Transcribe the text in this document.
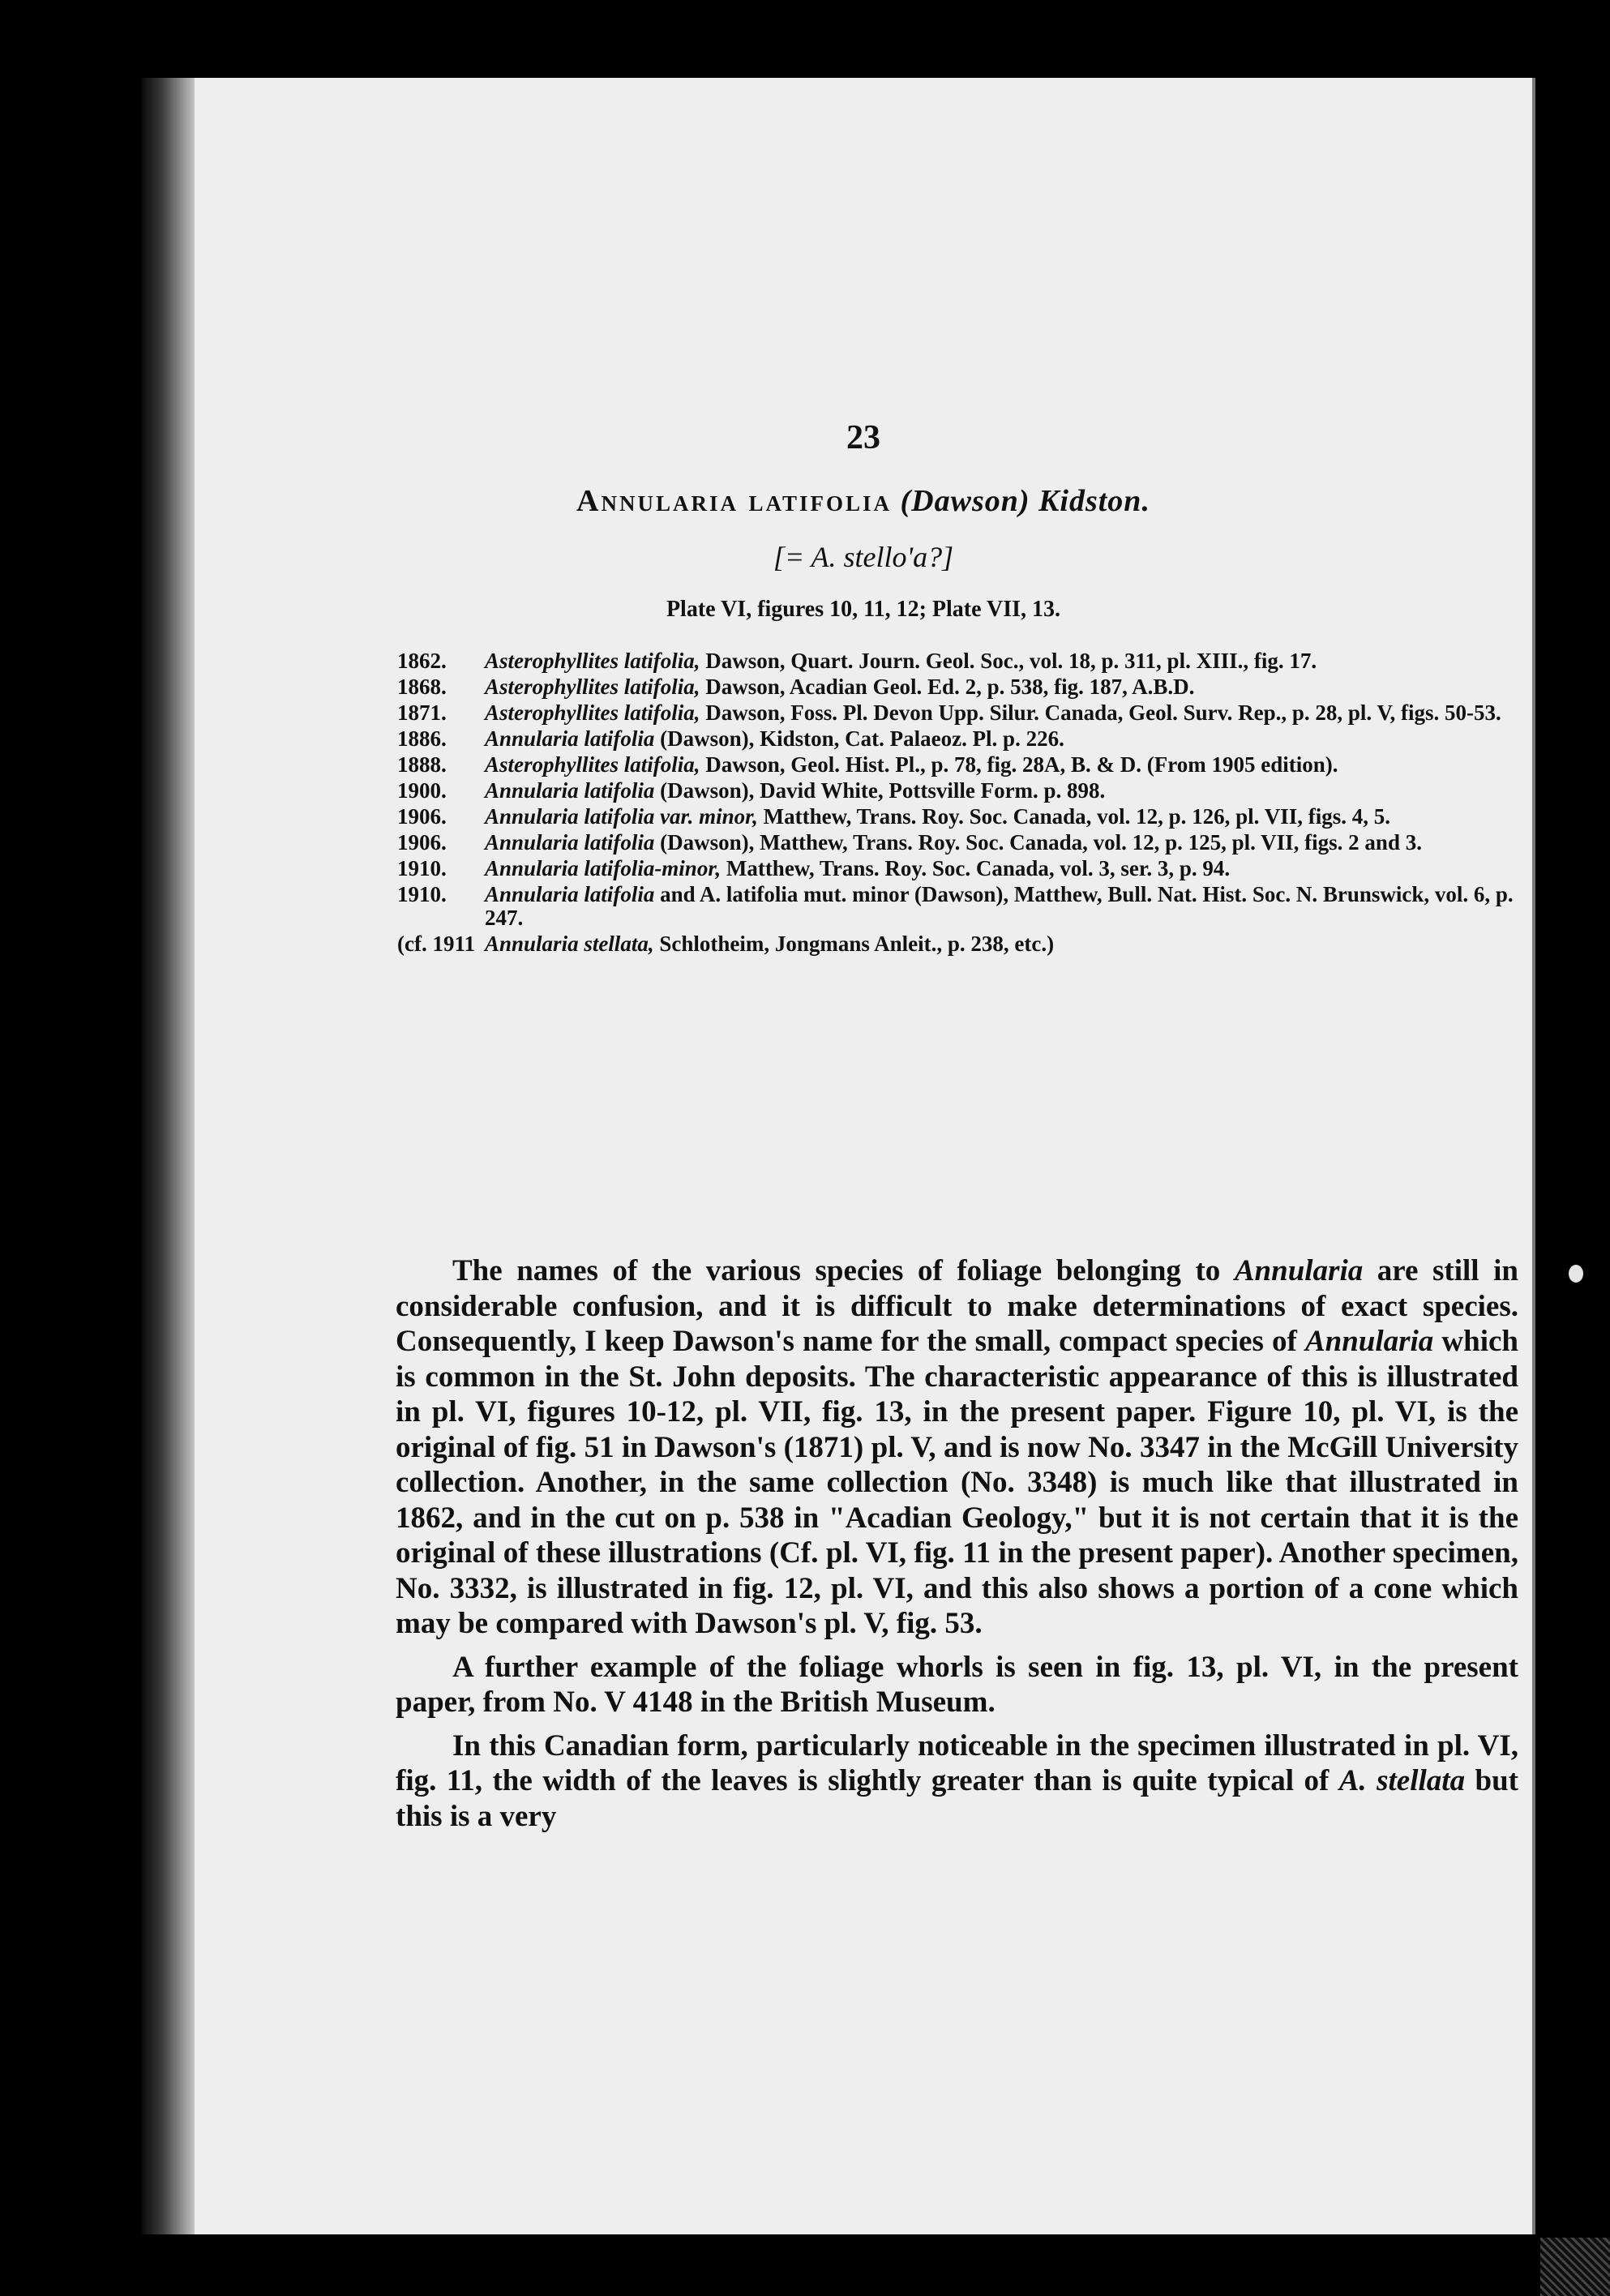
23
Annularia latifolia (Dawson) Kidston.
[= A. stello'a?]
Plate VI, figures 10, 11, 12; Plate VII, 13.
1862.	Asterophyllites latifolia, Dawson, Quart. Journ. Geol. Soc., vol. 18, p. 311, pl. XIII., fig. 17.
1868.	Asterophyllites latifolia, Dawson, Acadian Geol. Ed. 2, p. 538, fig. 187, A.B.D.
1871.	Asterophyllites latifolia, Dawson, Foss. Pl. Devon Upp. Silur. Canada, Geol. Surv. Rep., p. 28, pl. V, figs. 50-53.
1886.	Annularia latifolia (Dawson), Kidston, Cat. Palaeoz. Pl. p. 226.
1888.	Asterophyllites latifolia, Dawson, Geol. Hist. Pl., p. 78, fig. 28A, B. & D. (From 1905 edition).
1900.	Annularia latifolia (Dawson), David White, Pottsville Form. p. 898.
1906.	Annularia latifolia var. minor, Matthew, Trans. Roy. Soc. Canada, vol. 12, p. 126, pl. VII, figs. 4, 5.
1906.	Annularia latifolia (Dawson), Matthew, Trans. Roy. Soc. Canada, vol. 12, p. 125, pl. VII, figs. 2 and 3.
1910.	Annularia latifolia-minor, Matthew, Trans. Roy. Soc. Canada, vol. 3, ser. 3, p. 94.
1910.	Annularia latifolia and A. latifolia mut. minor (Dawson), Matthew, Bull. Nat. Hist. Soc. N. Brunswick, vol. 6, p. 247.
(cf. 1911 Annularia stellata, Schlotheim, Jongmans Anleit., p. 238, etc.)

The names of the various species of foliage belonging to Annularia are still in considerable confusion, and it is difficult to make determinations of exact species. Consequently, I keep Dawson's name for the small, compact species of Annularia which is common in the St. John deposits. The characteristic appearance of this is illustrated in pl. VI, figures 10-12, pl. VII, fig. 13, in the present paper. Figure 10, pl. VI, is the original of fig. 51 in Dawson's (1871) pl. V, and is now No. 3347 in the McGill University collection. Another, in the same collection (No. 3348) is much like that illustrated in 1862, and in the cut on p. 538 in "Acadian Geology," but it is not certain that it is the original of these illustrations (Cf. pl. VI, fig. 11 in the present paper). Another specimen, No. 3332, is illustrated in fig. 12, pl. VI, and this also shows a portion of a cone which may be compared with Dawson's pl. V, fig. 53.

A further example of the foliage whorls is seen in fig. 13, pl. VI, in the present paper, from No. V 4148 in the British Museum.

In this Canadian form, particularly noticeable in the specimen illustrated in pl. VI, fig. 11, the width of the leaves is slightly greater than is quite typical of A. stellata but this is a very
